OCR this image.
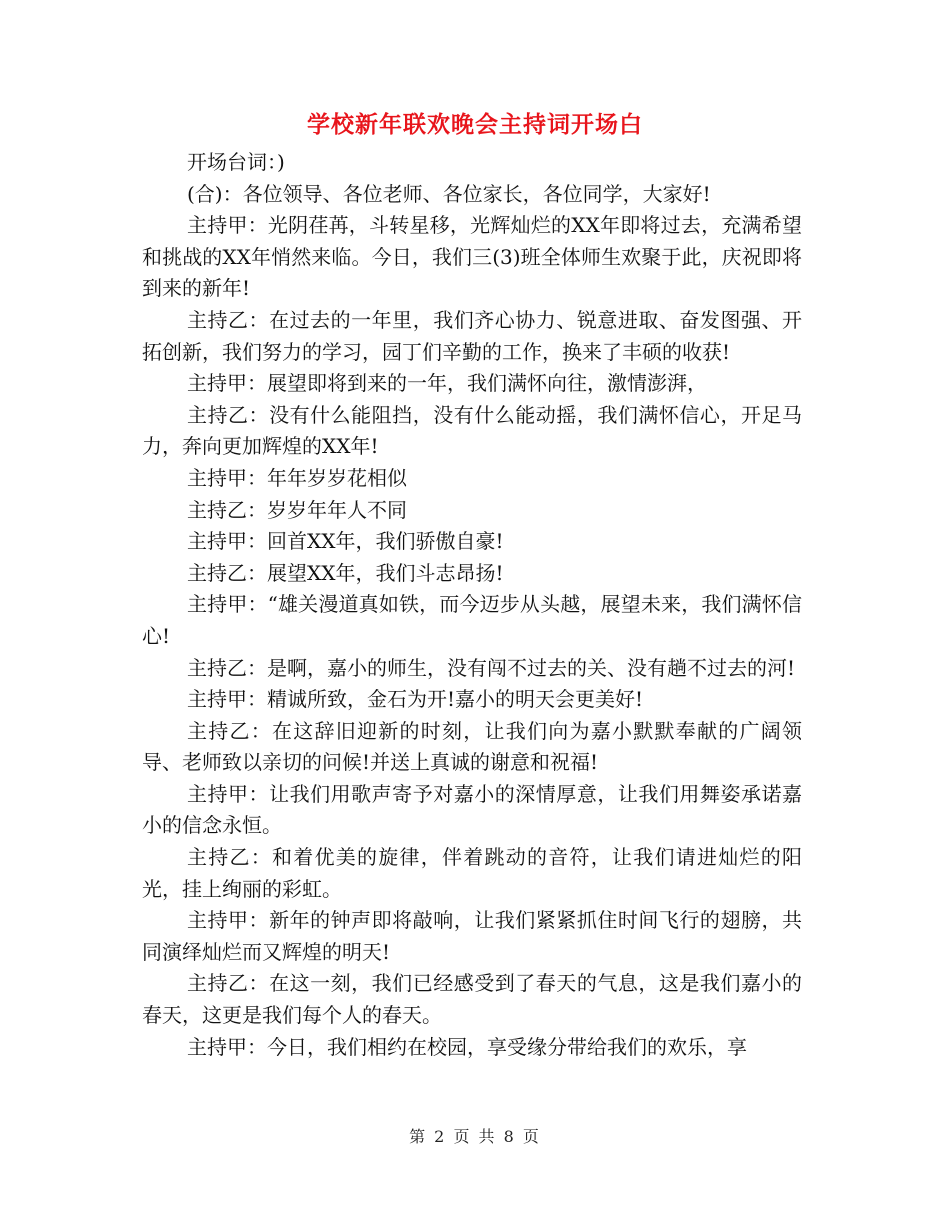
学校新年联欢晚会主持词开场白

开场台词：)

(合)：各位领导、各位老师、各位家长，各位同学，大家好!

主持甲：光阴荏苒，斗转星移，光辉灿烂的XX年即将过去，充满希望和挑战的XX年悄然来临。今日，我们三(3)班全体师生欢聚于此，庆祝即将到来的新年!

主持乙：在过去的一年里，我们齐心协力、锐意进取、奋发图强、开拓创新，我们努力的学习，园丁们辛勤的工作，换来了丰硕的收获!

主持甲：展望即将到来的一年，我们满怀向往，激情澎湃，

主持乙：没有什么能阻挡，没有什么能动摇，我们满怀信心，开足马力，奔向更加辉煌的XX年!

主持甲：年年岁岁花相似

主持乙：岁岁年年人不同

主持甲：回首XX年，我们骄傲自豪!

主持乙：展望XX年，我们斗志昂扬!

主持甲：“雄关漫道真如铁，而今迈步从头越，展望未来，我们满怀信心!

主持乙：是啊，嘉小的师生，没有闯不过去的关、没有趟不过去的河!

主持甲：精诚所致，金石为开!嘉小的明天会更美好!

主持乙：在这辞旧迎新的时刻，让我们向为嘉小默默奉献的广阔领导、老师致以亲切的问候!并送上真诚的谢意和祝福!

主持甲：让我们用歌声寄予对嘉小的深情厚意，让我们用舞姿承诺嘉小的信念永恒。

主持乙：和着优美的旋律，伴着跳动的音符，让我们请进灿烂的阳光，挂上绚丽的彩虹。

主持甲：新年的钟声即将敲响，让我们紧紧抓住时间飞行的翅膀，共同演绎灿烂而又辉煌的明天!

主持乙：在这一刻，我们已经感受到了春天的气息，这是我们嘉小的春天，这更是我们每个人的春天。

主持甲：今日，我们相约在校园，享受缘分带给我们的欢乐，享

第 2 页 共 8 页
